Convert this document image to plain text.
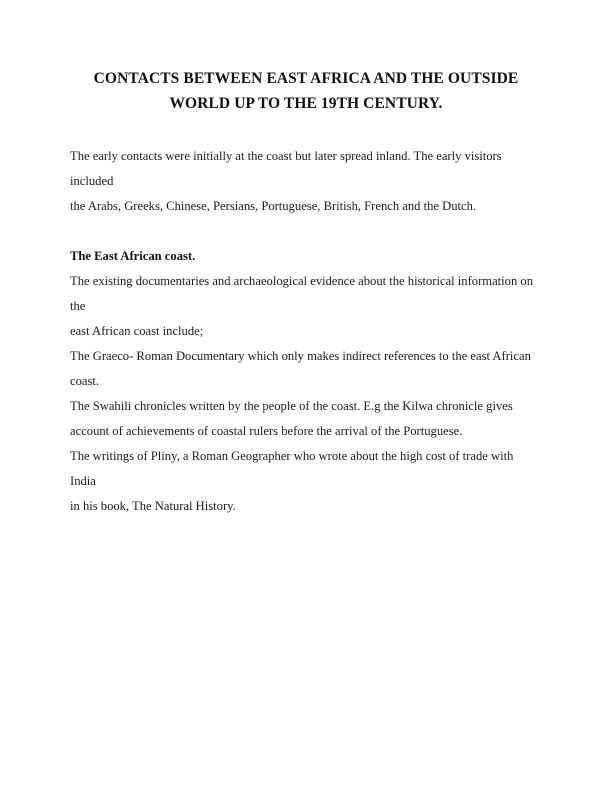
CONTACTS BETWEEN EAST AFRICA AND THE OUTSIDE
WORLD UP TO THE 19TH CENTURY.

The early contacts were initially at the coast but later spread inland. The early visitors included
the Arabs, Greeks, Chinese, Persians, Portuguese, British, French and the Dutch.

The East African coast.

The existing documentaries and archaeological evidence about the historical information on the
east African coast include;

The Graeco- Roman Documentary which only makes indirect references to the east African
coast.

The Swahili chronicles written by the people of the coast. E.g the Kilwa chronicle gives
account of achievements of coastal rulers before the arrival of the Portuguese.

The writings of Pliny, a Roman Geographer who wrote about the high cost of trade with India
in his book, The Natural History.
